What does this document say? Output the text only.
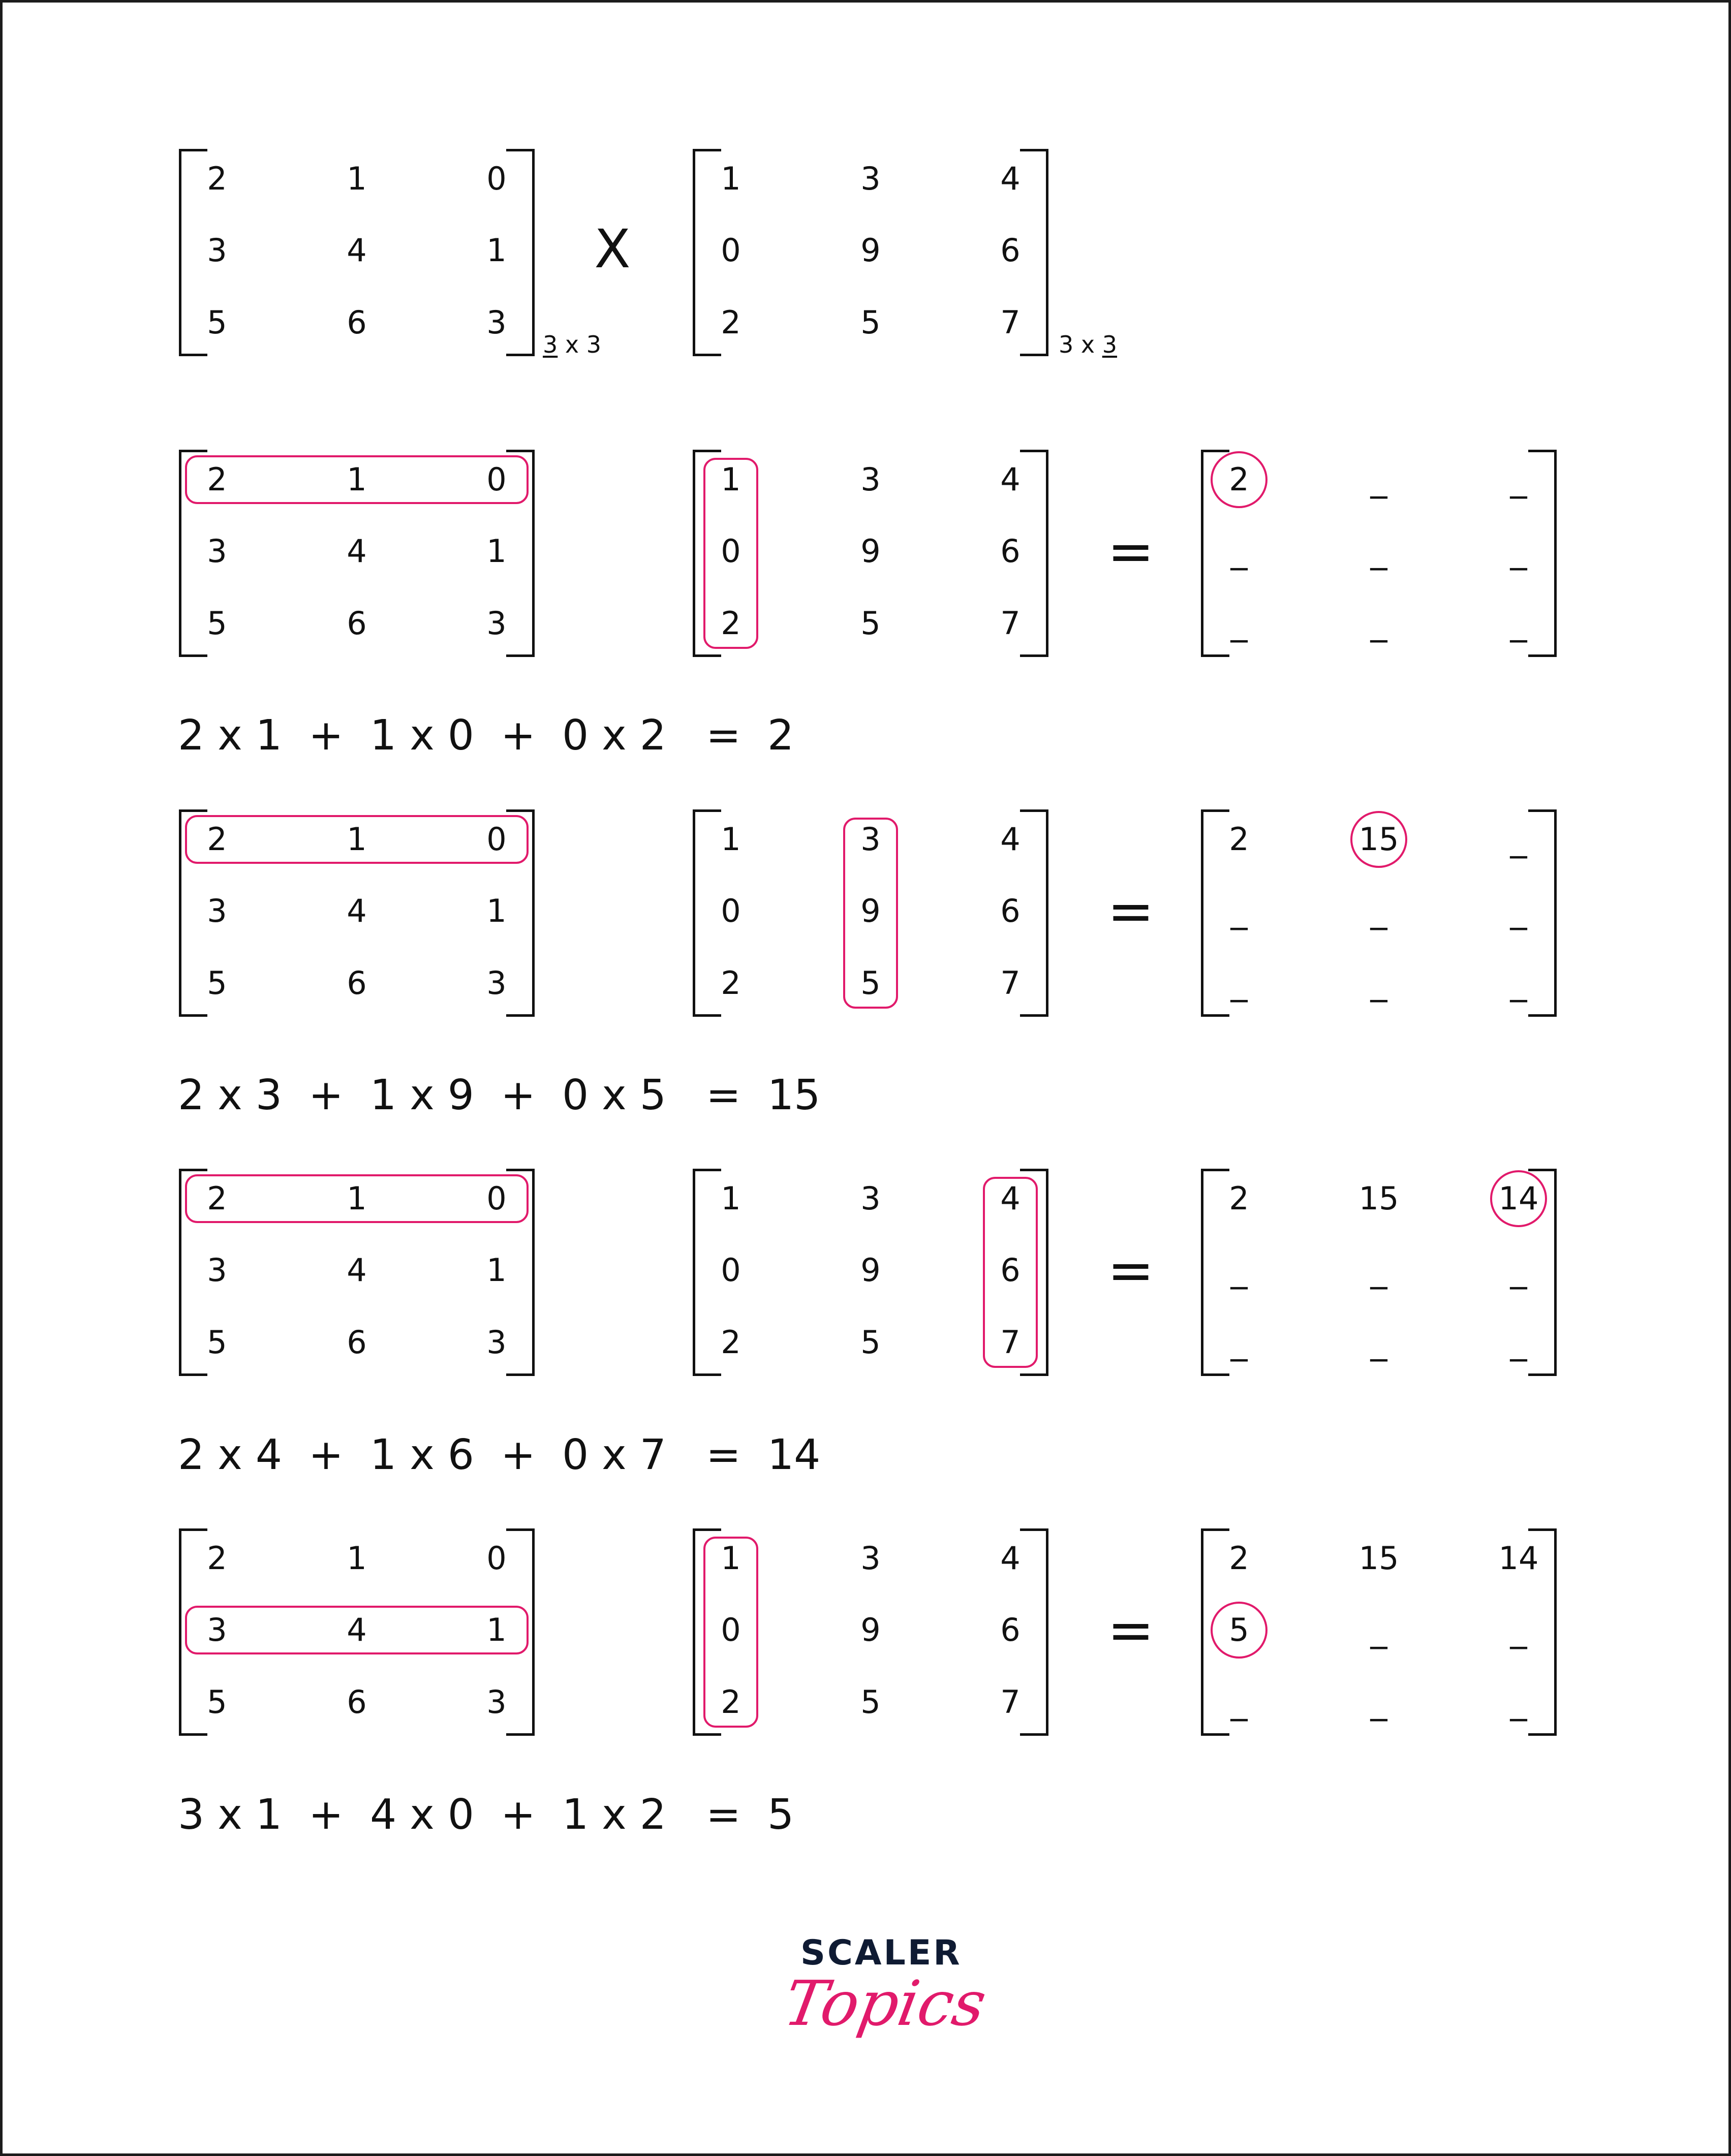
2	1	0
3	4	1
5	6	3
1	3	4
0	9	6
2	5	7
X
3 x 3	3 x 3
2	1	0
3	4	1
5	6	3
1	3	4
0	9	6
2	5	7
2	_	_
_	_	_
_	_	_
=
2 x 1  +  1 x 0  +  0 x 2   =  2
2	1	0
3	4	1
5	6	3
1	3	4
0	9	6
2	5	7
2	15	_
_	_	_
_	_	_
=
2 x 3  +  1 x 9  +  0 x 5   =  15
2	1	0
3	4	1
5	6	3
1	3	4
0	9	6
2	5	7
2	15	14
_	_	_
_	_	_
=
2 x 4  +  1 x 6  +  0 x 7   =  14
2	1	0
3	4	1
5	6	3
1	3	4
0	9	6
2	5	7
2	15	14
5	_	_
_	_	_
=
3 x 1  +  4 x 0  +  1 x 2   =  5
SCALER
Topics
